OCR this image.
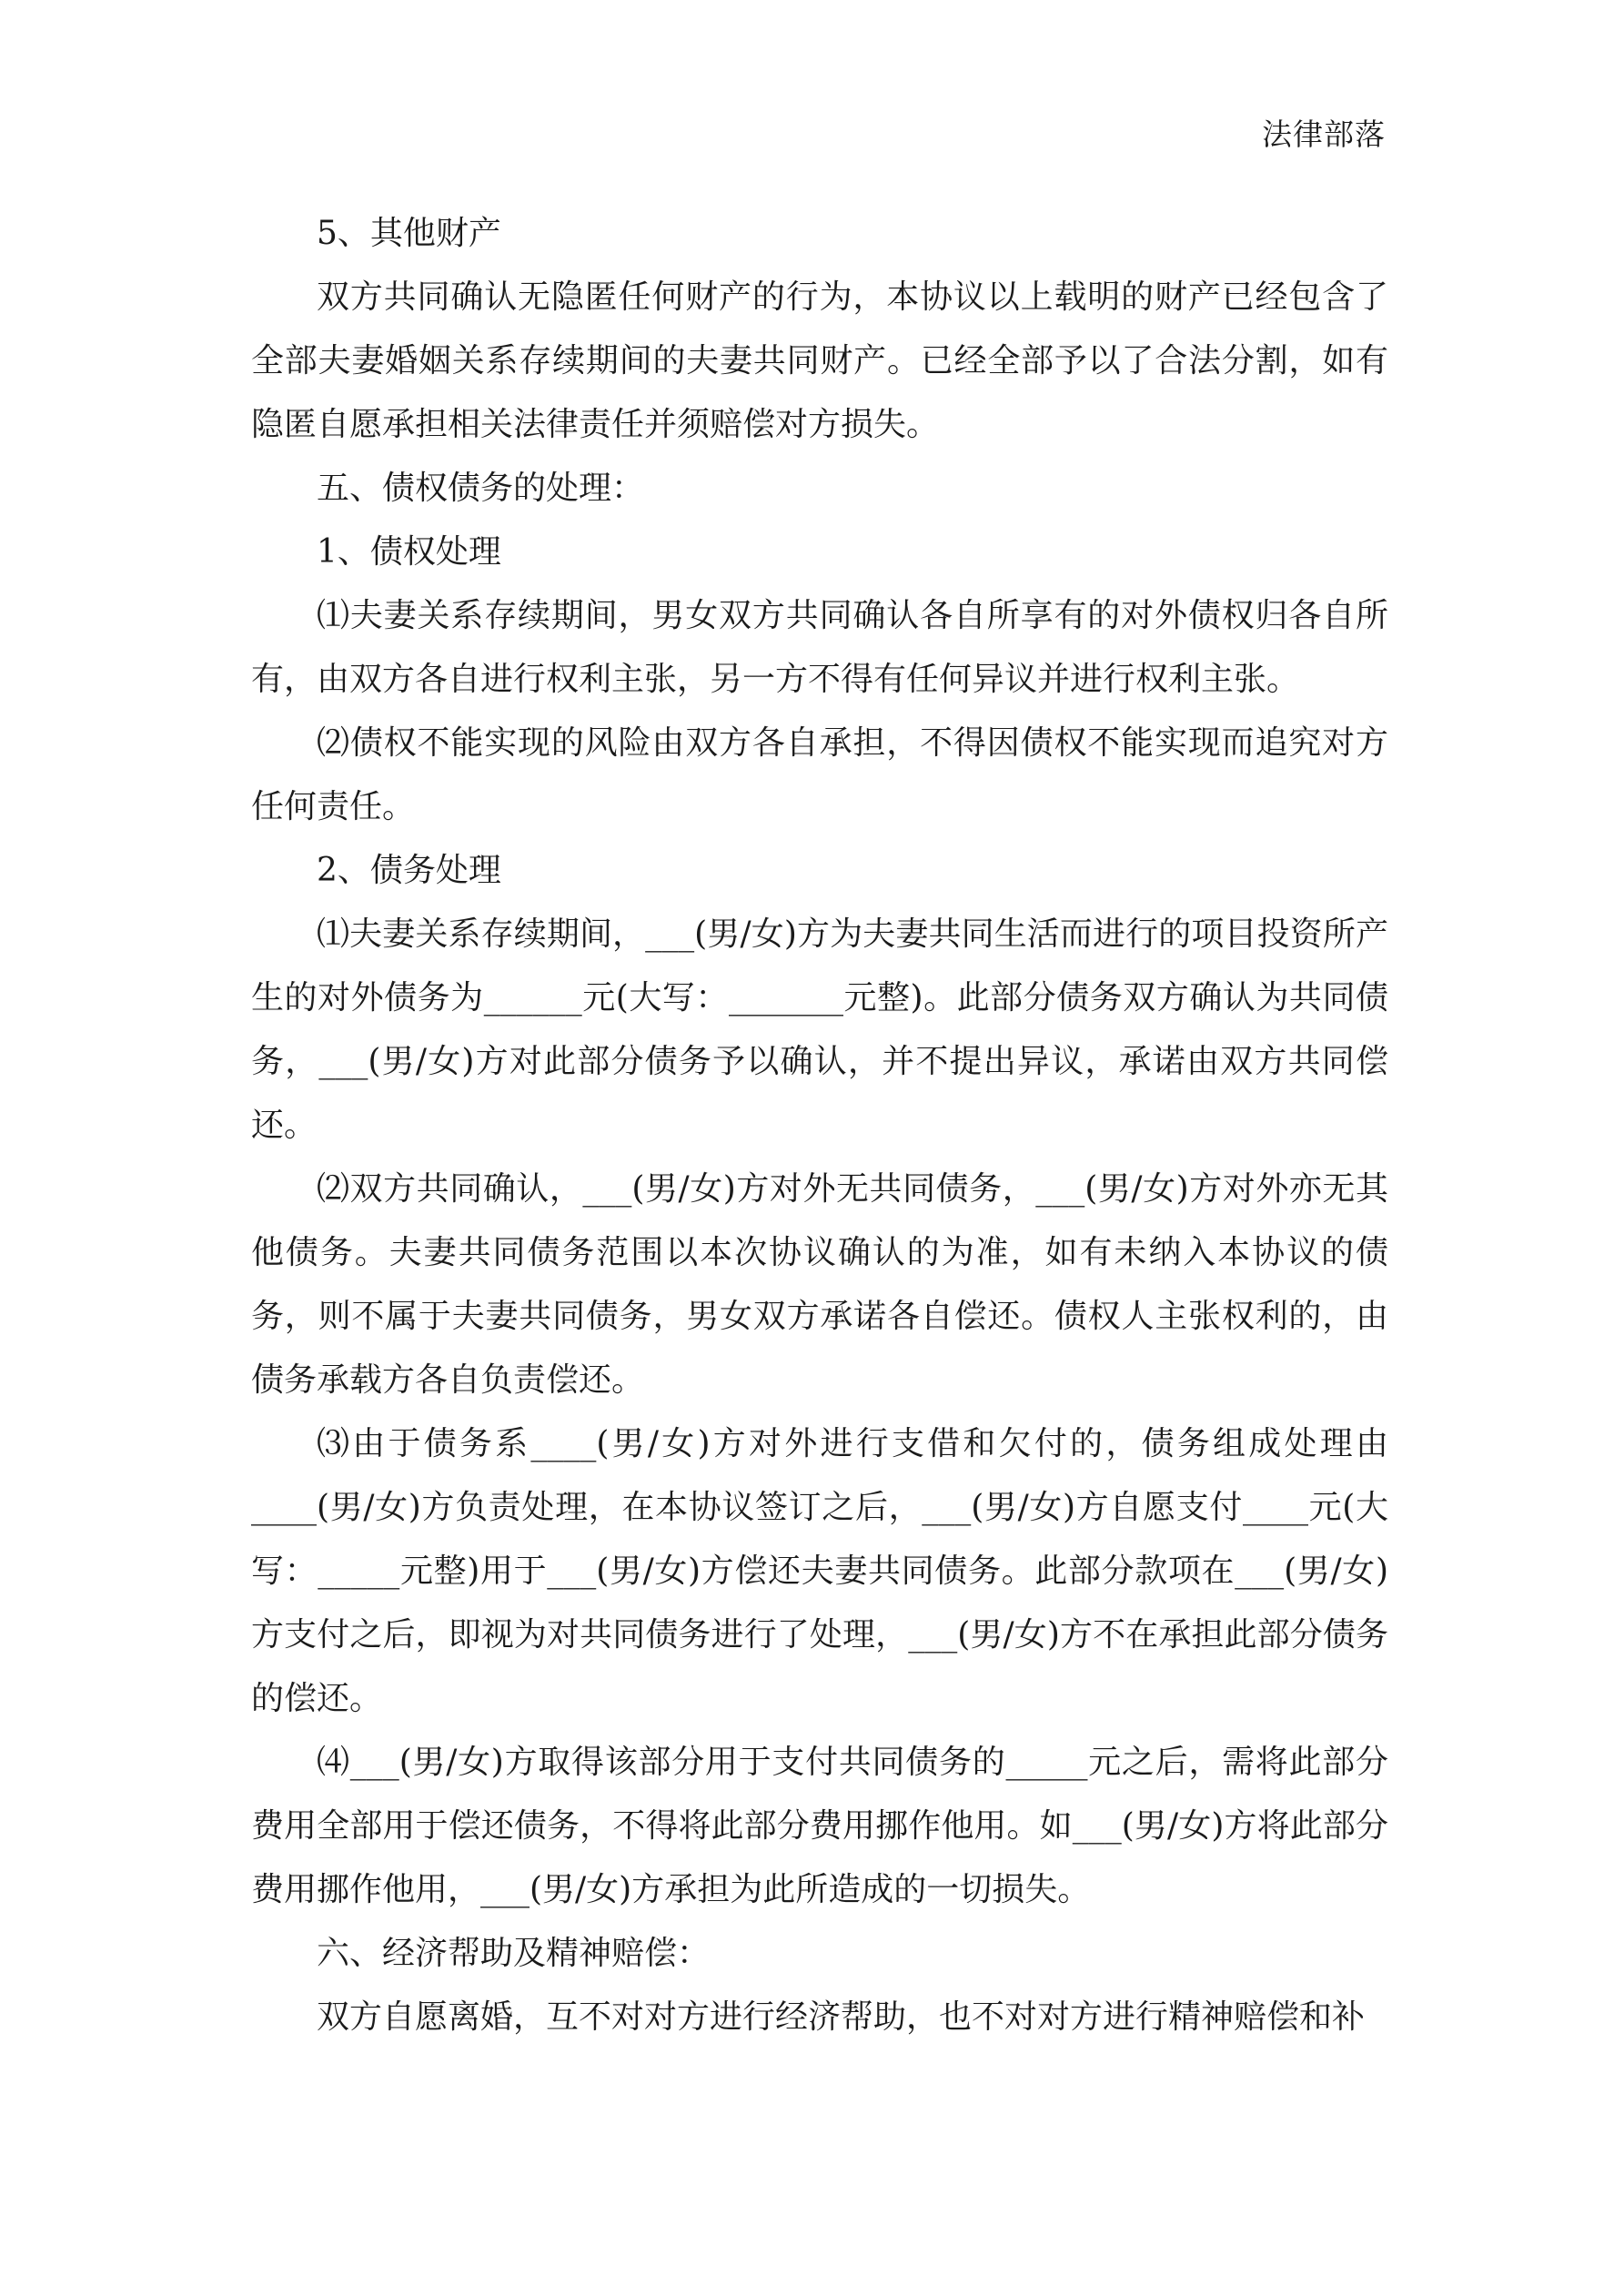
法律部落

5、其他财产

双方共同确认无隐匿任何财产的行为，本协议以上载明的财产已经包含了全部夫妻婚姻关系存续期间的夫妻共同财产。已经全部予以了合法分割，如有隐匿自愿承担相关法律责任并须赔偿对方损失。

五、债权债务的处理：

1、债权处理

⑴夫妻关系存续期间，男女双方共同确认各自所享有的对外债权归各自所有，由双方各自进行权利主张，另一方不得有任何异议并进行权利主张。

⑵债权不能实现的风险由双方各自承担，不得因债权不能实现而追究对方任何责任。

2、债务处理

⑴夫妻关系存续期间，___(男/女)方为夫妻共同生活而进行的项目投资所产生的对外债务为______元(大写：_______元整)。此部分债务双方确认为共同债务，___(男/女)方对此部分债务予以确认，并不提出异议，承诺由双方共同偿还。

⑵双方共同确认，___(男/女)方对外无共同债务，___(男/女)方对外亦无其他债务。夫妻共同债务范围以本次协议确认的为准，如有未纳入本协议的债务，则不属于夫妻共同债务，男女双方承诺各自偿还。债权人主张权利的，由债务承载方各自负责偿还。

⑶由于债务系____(男/女)方对外进行支借和欠付的，债务组成处理由____(男/女)方负责处理，在本协议签订之后，___(男/女)方自愿支付____元(大写：_____元整)用于___(男/女)方偿还夫妻共同债务。此部分款项在___(男/女)方支付之后，即视为对共同债务进行了处理，___(男/女)方不在承担此部分债务的偿还。

⑷___(男/女)方取得该部分用于支付共同债务的_____元之后，需将此部分费用全部用于偿还债务，不得将此部分费用挪作他用。如___(男/女)方将此部分费用挪作他用，___(男/女)方承担为此所造成的一切损失。

六、经济帮助及精神赔偿：

双方自愿离婚，互不对对方进行经济帮助，也不对对方进行精神赔偿和补
